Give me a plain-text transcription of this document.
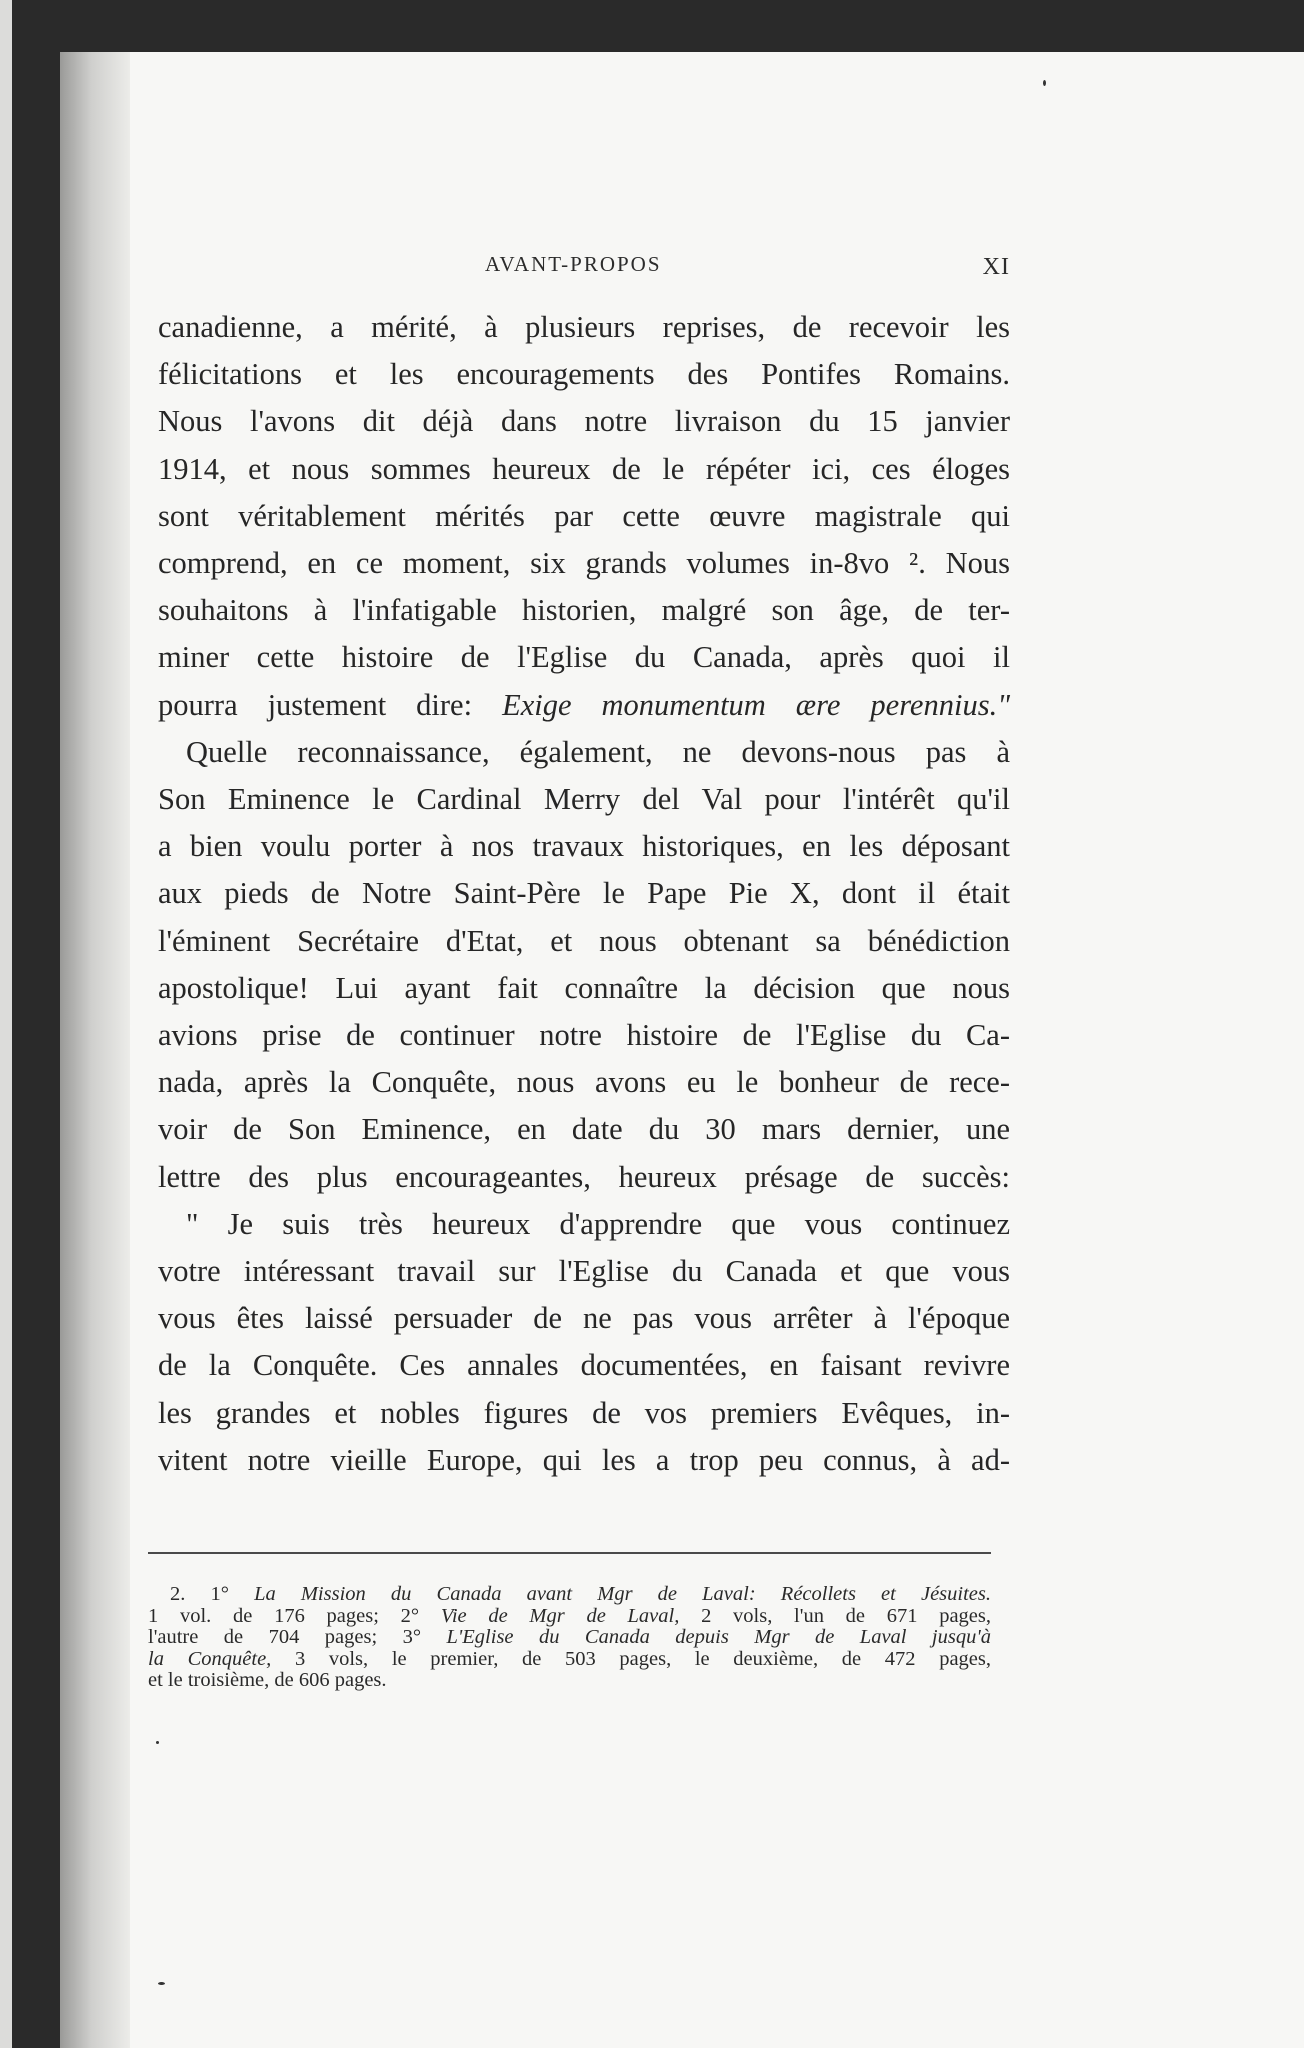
AVANT-PROPOS	XI
canadienne, a mérité, à plusieurs reprises, de recevoir les
félicitations et les encouragements des Pontifes Romains.
Nous l'avons dit déjà dans notre livraison du 15 janvier
1914, et nous sommes heureux de le répéter ici, ces éloges
sont véritablement mérités par cette œuvre magistrale qui
comprend, en ce moment, six grands volumes in-8vo ². Nous
souhaitons à l'infatigable historien, malgré son âge, de ter-
miner cette histoire de l'Eglise du Canada, après quoi il
pourra justement dire: Exige monumentum ære perennius."
Quelle reconnaissance, également, ne devons-nous pas à
Son Eminence le Cardinal Merry del Val pour l'intérêt qu'il
a bien voulu porter à nos travaux historiques, en les déposant
aux pieds de Notre Saint-Père le Pape Pie X, dont il était
l'éminent Secrétaire d'Etat, et nous obtenant sa bénédiction
apostolique! Lui ayant fait connaître la décision que nous
avions prise de continuer notre histoire de l'Eglise du Ca-
nada, après la Conquête, nous avons eu le bonheur de rece-
voir de Son Eminence, en date du 30 mars dernier, une
lettre des plus encourageantes, heureux présage de succès:
" Je suis très heureux d'apprendre que vous continuez
votre intéressant travail sur l'Eglise du Canada et que vous
vous êtes laissé persuader de ne pas vous arrêter à l'époque
de la Conquête. Ces annales documentées, en faisant revivre
les grandes et nobles figures de vos premiers Evêques, in-
vitent notre vieille Europe, qui les a trop peu connus, à ad-
2. 1° La Mission du Canada avant Mgr de Laval: Récollets et Jésuites.
1 vol. de 176 pages; 2° Vie de Mgr de Laval, 2 vols, l'un de 671 pages,
l'autre de 704 pages; 3° L'Eglise du Canada depuis Mgr de Laval jusqu'à
la Conquête, 3 vols, le premier, de 503 pages, le deuxième, de 472 pages,
et le troisième, de 606 pages.
